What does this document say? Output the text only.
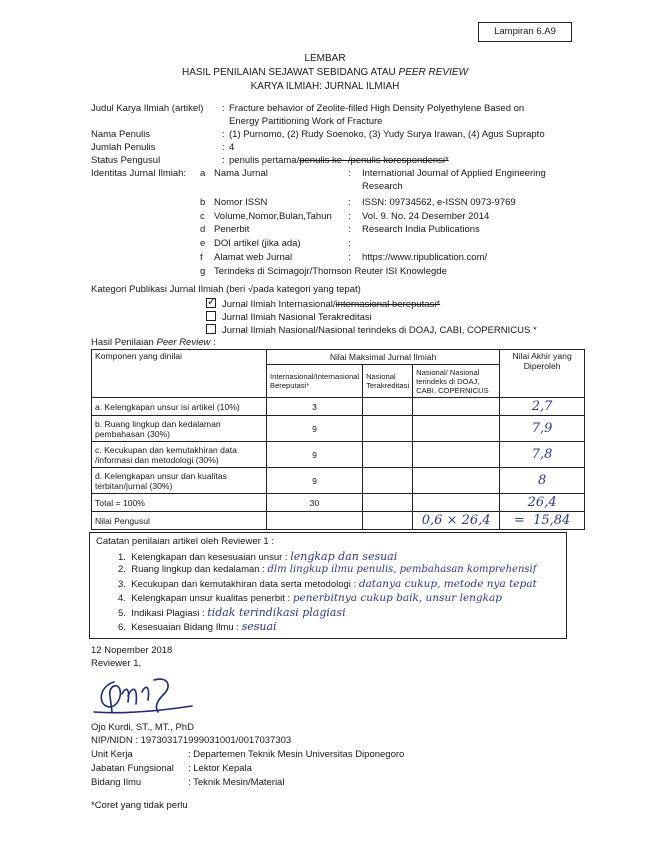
Lampiran 6.A9
LEMBAR
HASIL PENILAIAN SEJAWAT SEBIDANG ATAU PEER REVIEW
KARYA ILMIAH: JURNAL ILMIAH
Judul Karya Ilmiah (artikel) : Fracture behavior of Zeolite-filled High Density Polyethylene Based on
Energy Partitioning Work of Fracture
Nama Penulis	: (1) Purnomo, (2) Rudy Soenoko, (3) Yudy Surya Irawan, (4) Agus Suprapto
Jumlah Penulis	: 4
Status Pengusul	: penulis pertama/penulis ke- /penulis korespondensi*
Identitas Jurnal Ilmiah: a Nama Jurnal	: International Journal of Applied Engineering
Research
b Nomor ISSN	: ISSN: 09734562, e-ISSN 0973-9769
c Volume,Nomor,Bulan,Tahun : Vol. 9. No. 24 Desember 2014
d Penerbit	: Research India Publications
e DOI artikel (jika ada)	:
f Alamat web Jurnal	: https://www.ripublication.com/
g Terindeks di Scimagojr/Thomson Reuter ISI Knowlegde
Kategori Publikasi Jurnal Ilmiah (beri √pada kategori yang tepat)
✓ Jurnal Ilmiah Internasional/internasional bereputasi*
Jurnal Ilmiah Nasional Terakreditasi
Jurnal Ilmiah Nasional/Nasional terindeks di DOAJ, CABI, COPERNICUS *
Hasil Penilaian Peer Review :
Komponen yang dinilai	Nilai Maksimal Jurnal Ilmiah			Nilai Akhir yang Diperoleh
	Internasional/Internasional Bereputasi*	Nasional Terakreditasi	Nasional/ Nasional terindeks di DOAJ, CABI, COPERNICUS	
a. Kelengkapan unsur isi artikel (10%)	3			2,7
b. Ruang lingkup dan kedalaman pembahasan (30%)	9			7,9
c. Kecukupan dan kemutakhiran data /informasi dan metodologi (30%)	9			7,8
d. Kelengkapan unsur dan kualitas terbitan/jurnal (30%)	9			8
Total = 100%	30			26,4
Nilai Pengusul			0,6 × 26,4	= 15,84
Catatan penilaian artikel oleh Reviewer 1 :
1. Kelengkapan dan kesesuaian unsur : lengkap dan sesuai
2. Ruang lingkup dan kedalaman : dlm lingkup ilmu penulis, pembahasan komprehensif
3. Kecukupan dan kemutakhiran data serta metodologi : datanya cukup, metode nya tepat
4. Kelengkapan unsur kualitas penerbit : penerbitnya cukup baik, unsur lengkap
5. Indikasi Plagiasi : tidak terindikasi plagiasi
6. Kesesuaian Bidang Ilmu : sesuai
12 Nopember 2018
Reviewer 1,
Ojo Kurdi, ST., MT., PhD
NIP/NIDN : 197303171999031001/0017037303
Unit Kerja	: Departemen Teknik Mesin Universitas Diponegoro
Jabatan Fungsional : Lektor Kepala
Bidang Ilmu	: Teknik Mesin/Material
*Coret yang tidak perlu
